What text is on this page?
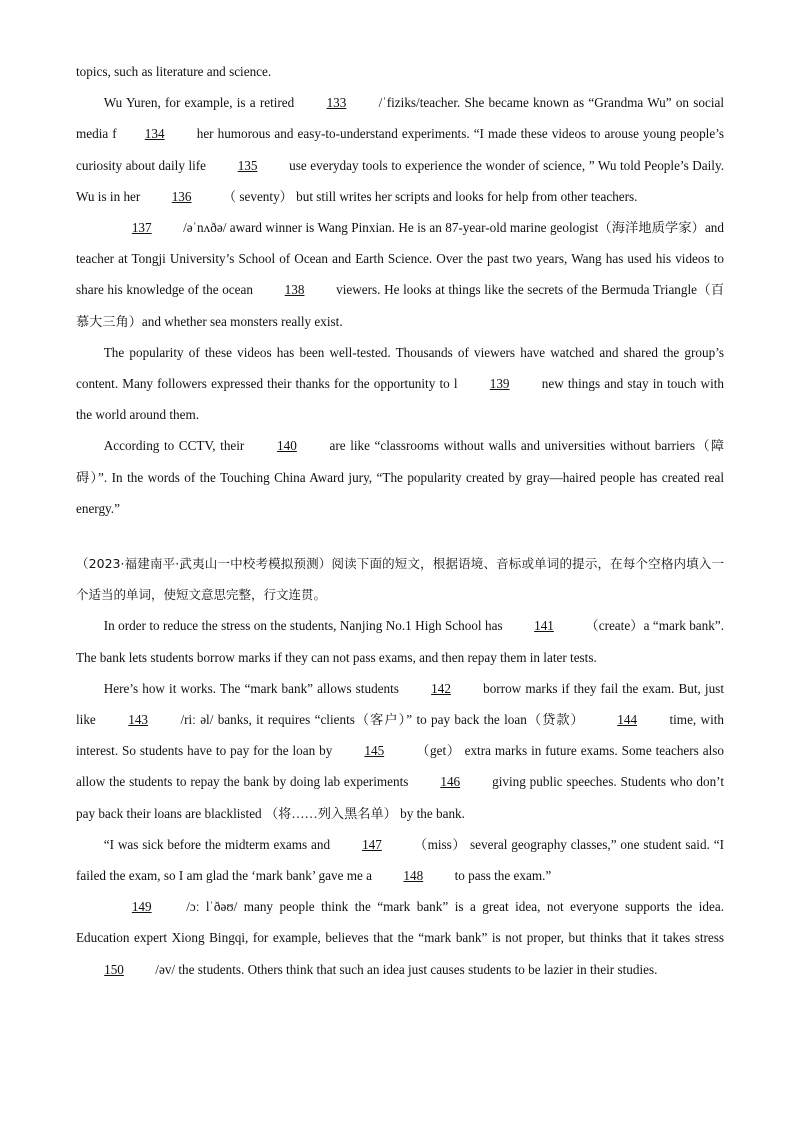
topics, such as literature and science.

Wu Yuren, for example, is a retired 133 /ˈfiziks/teacher. She became known as “Grandma Wu” on social media f 134 her humorous and easy-to-understand experiments. “I made these videos to arouse young people’s curiosity about daily life 135 use everyday tools to experience the wonder of science, ” Wu told People’s Daily. Wu is in her 136 （ seventy） but still writes her scripts and looks for help from other teachers.

137 /əˈnʌðə/ award winner is Wang Pinxian. He is an 87-year-old marine geologist（海洋地质学家）and teacher at Tongji University’s School of Ocean and Earth Science. Over the past two years, Wang has used his videos to share his knowledge of the ocean 138 viewers. He looks at things like the secrets of the Bermuda Triangle（百慕大三角）and whether sea monsters really exist.

The popularity of these videos has been well-tested. Thousands of viewers have watched and shared the group’s content. Many followers expressed their thanks for the opportunity to l 139 new things and stay in touch with the world around them.

According to CCTV, their 140 are like “classrooms without walls and universities without barriers（障碍）”. In the words of the Touching China Award jury, “The popularity created by gray—haired people has created real energy.”

（2023·福建南平·武夷山一中校考模拟预测）阅读下面的短文，根据语境、音标或单词的提示，在每个空格内填入一个适当的单词，使短文意思完整，行文连贯。

In order to reduce the stress on the students, Nanjing No.1 High School has 141 （create）a “mark bank”. The bank lets students borrow marks if they can not pass exams, and then repay them in later tests.

Here’s how it works. The “mark bank” allows students 142 borrow marks if they fail the exam. But, just like 143 /riː əl/ banks, it requires “clients（客户）” to pay back the loan（贷款） 144 time, with interest. So students have to pay for the loan by 145 （get） extra marks in future exams. Some teachers also allow the students to repay the bank by doing lab experiments 146 giving public speeches. Students who don’t pay back their loans are blacklisted （将……列入黑名单） by the bank.

“I was sick before the midterm exams and 147 （miss） several geography classes,” one student said. “I failed the exam, so I am glad the ‘mark bank’ gave me a 148 to pass the exam.”

149 /ɔː lˈðəʊ/ many people think the “mark bank” is a great idea, not everyone supports the idea. Education expert Xiong Bingqi, for example, believes that the “mark bank” is not proper, but thinks that it takes stress 150 /əv/ the students. Others think that such an idea just causes students to be lazier in their studies.
